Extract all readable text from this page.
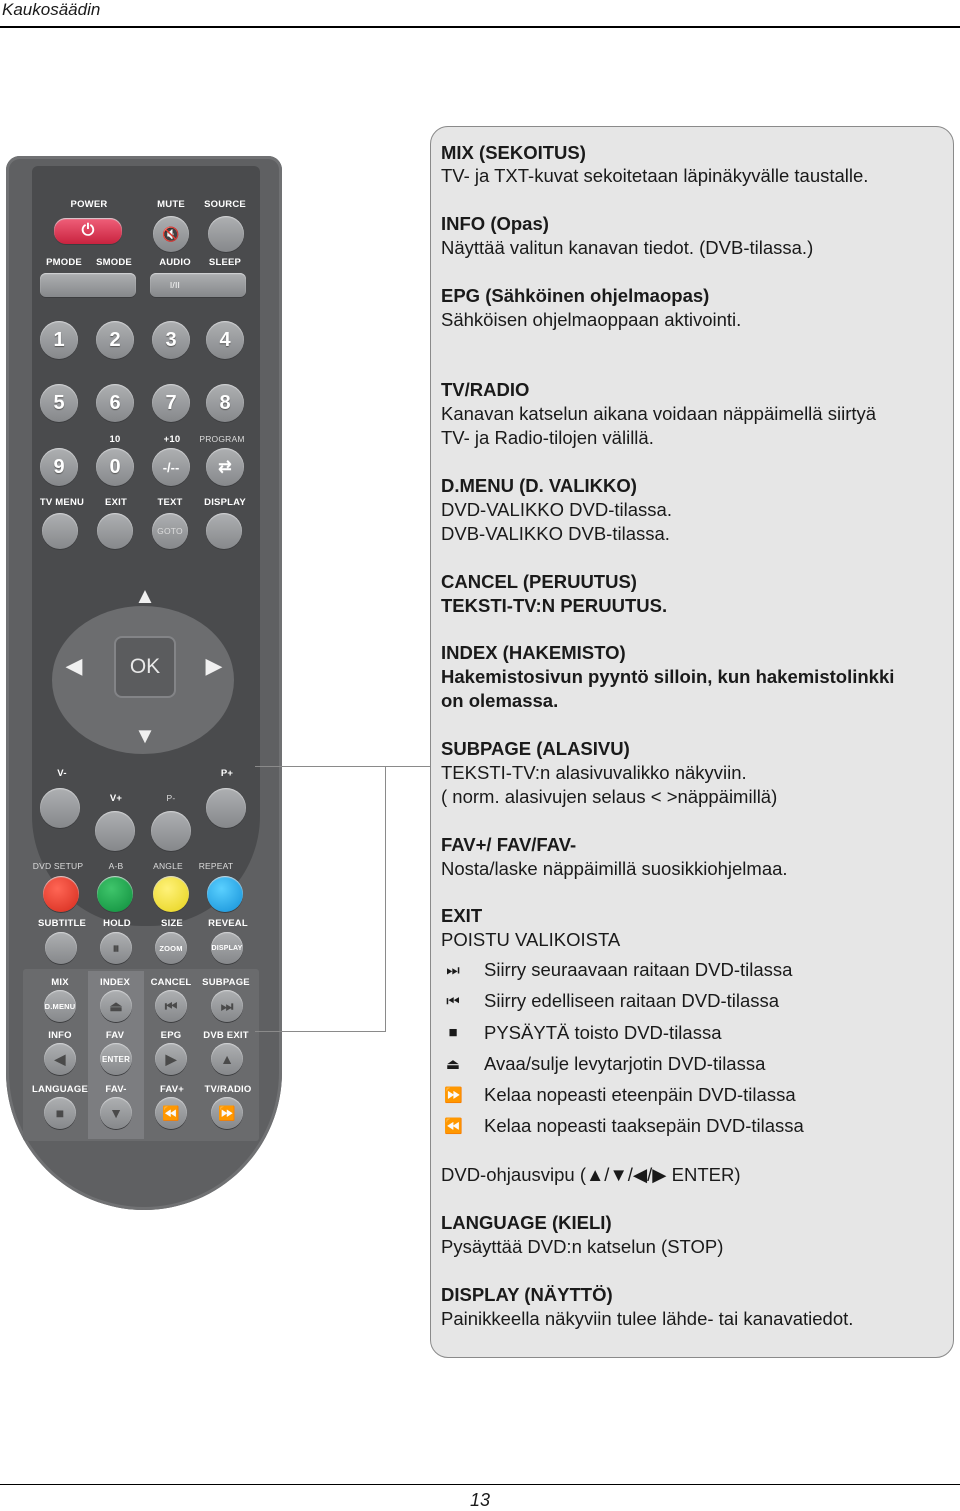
Kaukosäädin
POWER	MUTE SOURCE
⏻	🔇
PMODE SMODE	AUDIO SLEEP
I/II
1	2	3	4
5	6	7	8
10	+10 PROGRAM
9	0	-/-- ⇄
TV MENU EXIT	TEXT DISPLAY
GOTO
▲
▼
◀	▶
OK
V-	P+
V+	P-
DVD SETUP	A-B	ANGLE REPEAT
SUBTITLE HOLD	SIZE	REVEAL
⏸	ZOOM	DISPLAY
MIX	INDEX CANCEL SUBPAGE
D.MENU ⏏	⏮	⏭
INFO	FAV	EPG DVB EXIT
◀	ENTER	▶	▲
LANGUAGE FAV-	FAV+ TV/RADIO
■	▼	⏪	⏩
MIX (SEKOITUS)
TV- ja TXT-kuvat sekoitetaan läpinäkyvälle taustalle.
INFO (Opas)
Näyttää valitun kanavan tiedot. (DVB-tilassa.)
EPG (Sähköinen ohjelmaopas)
Sähköisen ohjelmaoppaan aktivointi.
TV/RADIO
Kanavan katselun aikana voidaan näppäimellä siirtyä
TV- ja Radio-tilojen välillä.
D.MENU (D. VALIKKO)
DVD-VALIKKO DVD-tilassa.
DVB-VALIKKO DVB-tilassa.
CANCEL (PERUUTUS)
TEKSTI-TV:N PERUUTUS.
INDEX (HAKEMISTO)
Hakemistosivun pyyntö silloin, kun hakemistolinkki
on olemassa.
SUBPAGE (ALASIVU)
TEKSTI-TV:n alasivuvalikko näkyviin.
( norm. alasivujen selaus < >näppäimillä)
FAV+/ FAV/FAV-
Nosta/laske näppäimillä suosikkiohjelmaa.
EXIT
POISTU VALIKOISTA
⏭ Siirry seuraavaan raitaan DVD-tilassa
⏮ Siirry edelliseen raitaan DVD-tilassa
■ PYSÄYTÄ toisto DVD-tilassa
⏏ Avaa/sulje levytarjotin DVD-tilassa
⏩ Kelaa nopeasti eteenpäin DVD-tilassa
⏪ Kelaa nopeasti taaksepäin DVD-tilassa
DVD-ohjausvipu (▲/▼/◀/▶ ENTER)
LANGUAGE (KIELI)
Pysäyttää DVD:n katselun (STOP)
DISPLAY (NÄYTTÖ)
Painikkeella näkyviin tulee lähde- tai kanavatiedot.
13
